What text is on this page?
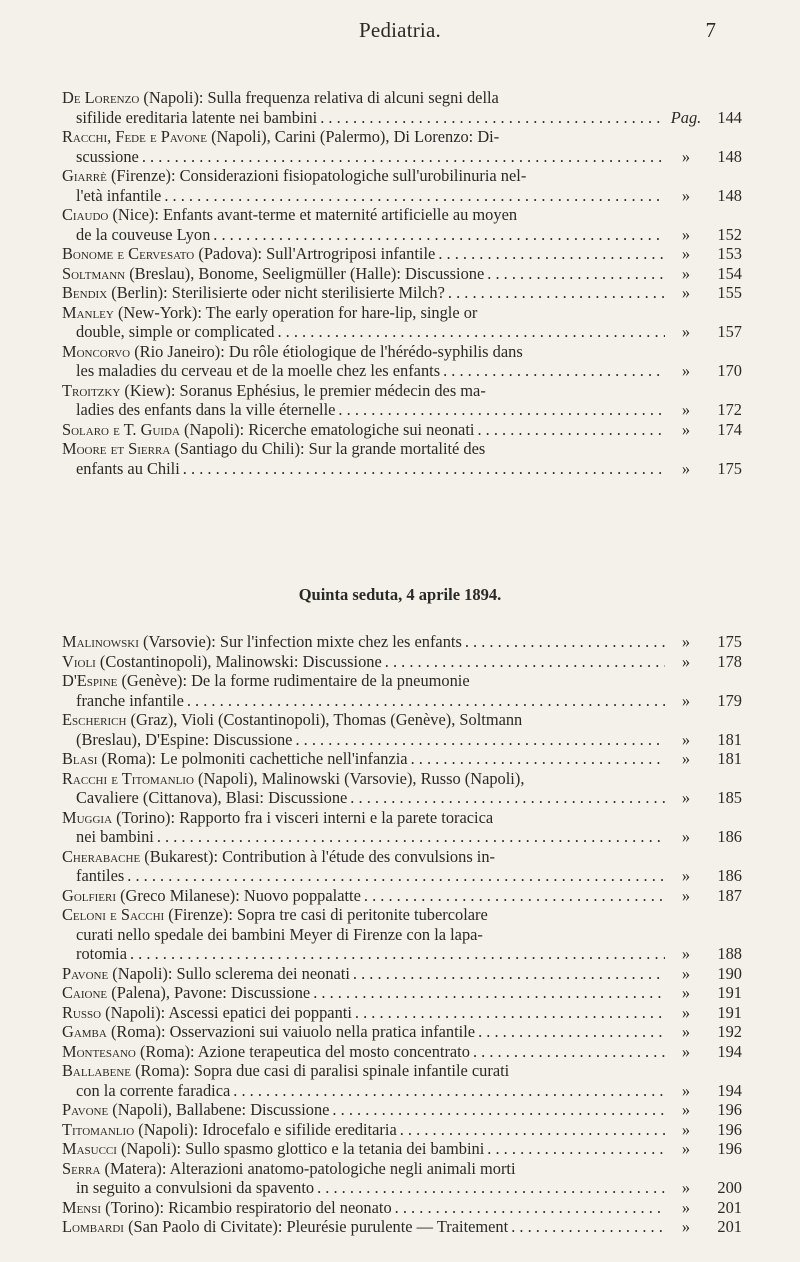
Pediatria.	7
De Lorenzo (Napoli): Sulla frequenza relativa di alcuni segni della
sifilide ereditaria latente nei bambini . . .	Pag. 144
Racchi, Fede e Pavone (Napoli), Carini (Palermo), Di Lorenzo: Di-
scussione . . .	»	148
Giarrè (Firenze): Considerazioni fisiopatologiche sull'urobilinuria nel-
l'età infantile . . .	»	148
Ciaudo (Nice): Enfants avant-terme et maternité artificielle au moyen
de la couveuse Lyon . . .	»	152
Bonome e Cervesato (Padova): Sull'Artrogriposi infantile . . .	»	153
Soltmann (Breslau), Bonome, Seeligmüller (Halle): Discussione . . .	»	154
Bendix (Berlin): Sterilisierte oder nicht sterilisierte Milch? . . .	»	155
Manley (New-York): The early operation for hare-lip, single or
double, simple or complicated . . .	»	157
Moncorvo (Rio Janeiro): Du rôle étiologique de l'hérédo-syphilis dans
les maladies du cerveau et de la moelle chez les enfants . . .	»	170
Troitzky (Kiew): Soranus Ephésius, le premier médecin des ma-
ladies des enfants dans la ville éternelle . . .	»	172
Solaro e T. Guida (Napoli): Ricerche ematologiche sui neonati . . .	»	174
Moore et Sierra (Santiago du Chili): Sur la grande mortalité des
enfants au Chili . . .	»	175
Quinta seduta, 4 aprile 1894.
Malinowski (Varsovie): Sur l'infection mixte chez les enfants . . .	»	175
Violi (Costantinopoli), Malinowski: Discussione . . .	»	178
D'Espine (Genève): De la forme rudimentaire de la pneumonie
franche infantile . . .	»	179
Escherich (Graz), Violi (Costantinopoli), Thomas (Genève), Soltmann
(Breslau), D'Espine: Discussione . . .	»	181
Blasi (Roma): Le polmoniti cachettiche nell'infanzia . . .	»	181
Racchi e Titomanlio (Napoli), Malinowski (Varsovie), Russo (Napoli),
Cavaliere (Cittanova), Blasi: Discussione . . .	»	185
Muggia (Torino): Rapporto fra i visceri interni e la parete toracica
nei bambini . . .	»	186
Cherabache (Bukarest): Contribution à l'étude des convulsions in-
fantiles . . .	»	186
Golfieri (Greco Milanese): Nuovo poppalatte . . .	»	187
Celoni e Sacchi (Firenze): Sopra tre casi di peritonite tubercolare
curati nello spedale dei bambini Meyer di Firenze con la lapa-
rotomia . . .	»	188
Pavone (Napoli): Sullo sclerema dei neonati . . .	»	190
Caione (Palena), Pavone: Discussione . . .	»	191
Russo (Napoli): Ascessi epatici dei poppanti . . .	»	191
Gamba (Roma): Osservazioni sui vaiuolo nella pratica infantile . . .	»	192
Montesano (Roma): Azione terapeutica del mosto concentrato . . .	»	194
Ballabene (Roma): Sopra due casi di paralisi spinale infantile curati
con la corrente faradica . . .	»	194
Pavone (Napoli), Ballabene: Discussione . . .	»	196
Titomanlio (Napoli): Idrocefalo e sifilide ereditaria . . .	»	196
Masucci (Napoli): Sullo spasmo glottico e la tetania dei bambini . . .	»	196
Serra (Matera): Alterazioni anatomo-patologiche negli animali morti
in seguito a convulsioni da spavento . . .	»	200
Mensi (Torino): Ricambio respiratorio del neonato . . .	»	201
Lombardi (San Paolo di Civitate): Pleurésie purulente — Traitement . . .	»	201
